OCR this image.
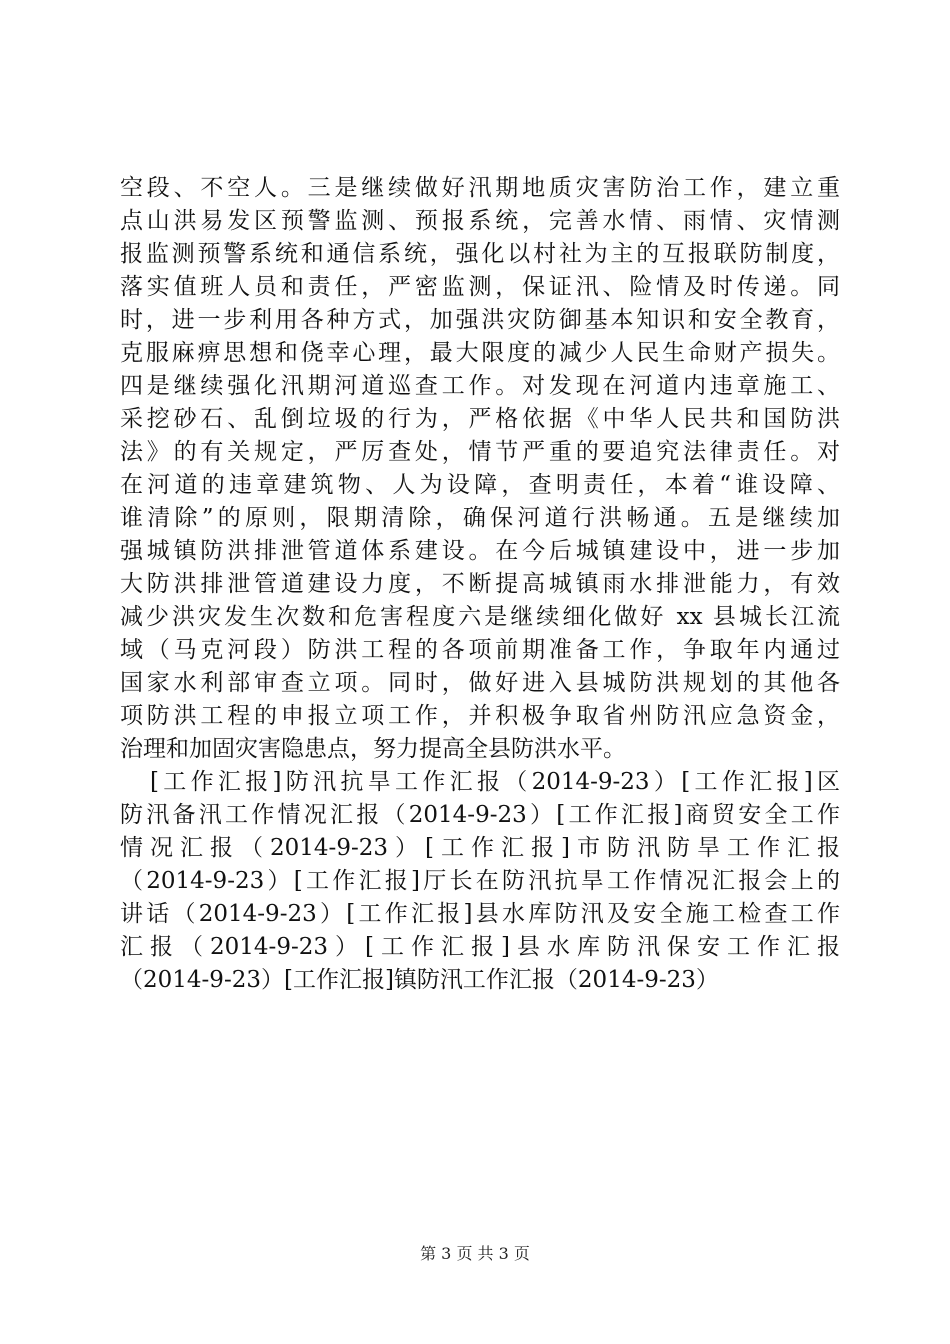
空段、不空人。三是继续做好汛期地质灾害防治工作，建立重
点山洪易发区预警监测、预报系统，完善水情、雨情、灾情测
报监测预警系统和通信系统，强化以村社为主的互报联防制度，
落实值班人员和责任，严密监测，保证汛、险情及时传递。同
时，进一步利用各种方式，加强洪灾防御基本知识和安全教育，
克服麻痹思想和侥幸心理，最大限度的减少人民生命财产损失。
四是继续强化汛期河道巡查工作。对发现在河道内违章施工、
采挖砂石、乱倒垃圾的行为，严格依据《中华人民共和国防洪
法》的有关规定，严厉查处，情节严重的要追究法律责任。对
在河道的违章建筑物、人为设障，查明责任，本着“谁设障、
谁清除”的原则，限期清除，确保河道行洪畅通。五是继续加
强城镇防洪排泄管道体系建设。在今后城镇建设中，进一步加
大防洪排泄管道建设力度，不断提高城镇雨水排泄能力，有效
减少洪灾发生次数和危害程度六是继续细化做好 xx 县城长江流
域（马克河段）防洪工程的各项前期准备工作，争取年内通过
国家水利部审查立项。同时，做好进入县城防洪规划的其他各
项防洪工程的申报立项工作，并积极争取省州防汛应急资金，
治理和加固灾害隐患点，努力提高全县防洪水平。
[工作汇报]防汛抗旱工作汇报（2014-9-23）[工作汇报]区
防汛备汛工作情况汇报（2014-9-23）[工作汇报]商贸安全工作
情况汇报（2014-9-23）[工作汇报]市防汛防旱工作汇报
（2014-9-23）[工作汇报]厅长在防汛抗旱工作情况汇报会上的
讲话（2014-9-23）[工作汇报]县水库防汛及安全施工检查工作
汇报（2014-9-23）[工作汇报]县水库防汛保安工作汇报
（2014-9-23）[工作汇报]镇防汛工作汇报（2014-9-23）
第 3 页 共 3 页
